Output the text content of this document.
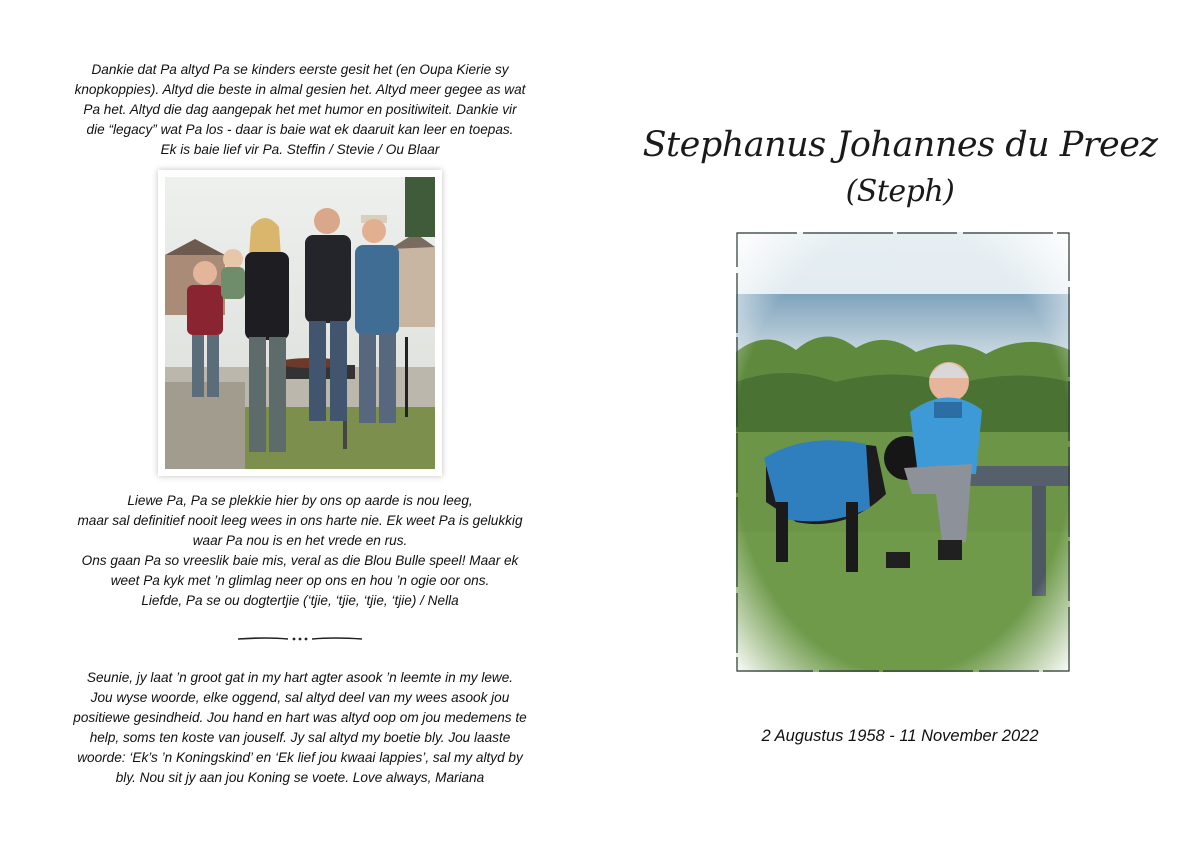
Dankie dat Pa altyd Pa se kinders eerste gesit het (en Oupa Kierie sy
knopkoppies). Altyd die beste in almal gesien het. Altyd meer gegee as wat
Pa het. Altyd die dag aangepak het met humor en positiwiteit. Dankie vir
die “legacy” wat Pa los - daar is baie wat ek daaruit kan leer en toepas.
Ek is baie lief vir Pa. Steffin / Stevie / Ou Blaar

Liewe Pa, Pa se plekkie hier by ons op aarde is nou leeg,
maar sal definitief nooit leeg wees in ons harte nie. Ek weet Pa is gelukkig
waar Pa nou is en het vrede en rus.
Ons gaan Pa so vreeslik baie mis, veral as die Blou Bulle speel! Maar ek
weet Pa kyk met ’n glimlag neer op ons en hou ’n ogie oor ons.
Liefde, Pa se ou dogtertjie (‘tjie, ‘tjie, ‘tjie, ‘tjie) / Nella

Seunie, jy laat ’n groot gat in my hart agter asook ’n leemte in my lewe.
Jou wyse woorde, elke oggend, sal altyd deel van my wees asook jou
positiewe gesindheid. Jou hand en hart was altyd oop om jou medemens te
help, soms ten koste van jouself. Jy sal altyd my boetie bly. Jou laaste
woorde: ‘Ek’s ’n Koningskind’ en ‘Ek lief jou kwaai lappies’, sal my altyd by
bly. Nou sit jy aan jou Koning se voete. Love always, Mariana

Stephanus Johannes du Preez
(Steph)
2 Augustus 1958 - 11 November 2022
